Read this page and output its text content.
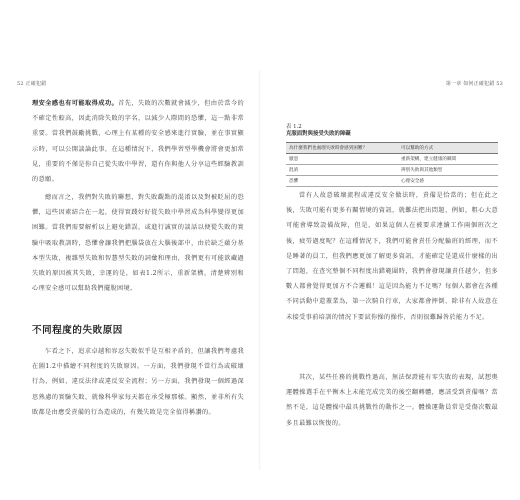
52 正確犯錯

理安全感也有可能取得成功。首先，失敗的次數就會減少，但由於當今的不確定性較高，因此消除失敗的字名，以減少人際間的恐懼，這一點非常重要。當我們鼓勵挑戰，心理上有某種的安全感來進行實驗，並在事實顯示時，可以公開談論此事，在這種情況下，我們學習型學機會將會更加常見，重要的不僅是你自己從失敗中學習，還有你與他人分享這些經驗教訓的意願。

總而言之，我們對失敗的聯想，對失敗觀點的混淆以及對被貶屈的恐懼，這些因素結合在一起，使得實踐好好從失敗中學習成為科學變得更加困難。當我們需要解析以上避免錯誤，或進行誠實的談話以便從失敗的實驗中吸取教訓時，恐懼會讓我們把腦袋放在大腦後部中，由於缺乏蘊分基本型失敗，複雜型失敗和智慧型失敗的詞彙和理由，我們更有可能欲藏過失敗的原因被其失敗，幸運的是，如表1.2所示，重新架構，清楚辨別和心理安全感可以幫助我們擺脫困境。

不同程度的失敗原因

乍看之下，追求卓越和容忍失敗似乎是互相矛盾的，但讓我們考慮我在圖1.2中描繪不同程度的失敗原因。一方面，我們發現不當行為或破壞行為，例如，違反法律或違反安全流程；另一方面，我們發現一個經過深思熟慮的實驗失敗，就像科學家每天都在承受極那樣。顯然，並非所有失敗都是由應受責備的行為造成的，有幾失敗是完全值得稱讚的。

第一章 如何正確犯錯 53
表 1.2
克服面對與接受失敗的障礙
為什麼我們也處理失敗時會感到困難？	可以幫助的方式
厭惡	重新架構，建立健康的瞬間
混淆	辨別失敗與其他類型
恐懼	心理安全感

當有人故意破壞流程或違反安全做法時，責備是恰當的；但在此之後，失敗可能有更多有關情境的資訊，就難法把出問題，例如，粗心大意可能會導致設備故障，但是，如果這個人在被要求連續工作兩個班次之後，疲勞過度呢？在這種情況下，我們可能會責任分配輪班的經理，而不是睡著的員工，但我們應更加了解更多資訊，才能確定是還成什麼樣的出了問題，在查究整個不同程度出錯範圍時，我們會發現讓責任越少，但多數人都會覺得更加方不合邏輯！這是因為能力不足嗎？每個人都會在各種不同活動中還蓋業為，第一次騎自行車，大家都會摔倒，除非有人故意在未接受事前培訓的情況下要試你操的操作，否則很難歸咎於能力不足。

其次，某些任務的挑戰性過高，無法保證能有零失敗的表現，試想奧運體操選手在平衡木上未能完成完美的後空翻轉體，應該受到責備嗎？當然不是，這是體操中最具挑戰性的動作之一。體操運動員常是受傷次數最多且最難以恢復的。
